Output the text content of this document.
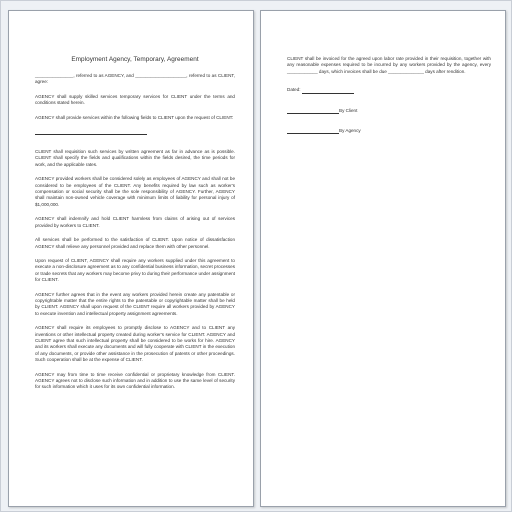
Employment Agency, Temporary, Agreement

_______________, referred to as AGENCY, and ____________________, referred to as CLIENT, agree:

AGENCY shall supply skilled services temporary services for CLIENT under the terms and conditions stated herein.

AGENCY shall provide services within the following fields to CLIENT upon the request of CLIENT:

CLIENT shall requisition such services by written agreement as far in advance as is possible. CLIENT shall specify the fields and qualifications within the fields desired, the time periods for work, and the applicable rates.

AGENCY provided workers shall be considered solely as employees of AGENCY and shall not be considered to be employees of the CLIENT. Any benefits required by law such as worker's compensation or social security shall be the sole responsibility of AGENCY. Further, AGENCY shall maintain non-owned vehicle coverage with minimum limits of liability for personal injury of $1,000,000.

AGENCY shall indemnify and hold CLIENT harmless from claims of arising out of services provided by workers to CLIENT.

All services shall be performed to the satisfaction of CLIENT. Upon notice of dissatisfaction AGENCY shall relieve any personnel provided and replace them with other personnel.

Upon request of CLIENT, AGENCY shall require any workers supplied under this agreement to execute a non-disclosure agreement as to any confidential business information, secret processes or trade secrets that any workers may become privy to during their performance under assignment for CLIENT.

AGENCY further agrees that in the event any workers provided herein create any patentable or copyrightable matter that the entire rights to the patentable or copyrightable matter shall be held by CLIENT. AGENCY shall upon request of the CLIENT require all workers provided by AGENCY to execute invention and intellectual property assignment agreements.

AGENCY shall require its employees to promptly disclose to AGENCY and to CLIENT any inventions or other intellectual property created during worker's service for CLIENT. AGENCY and CLIENT agree that such intellectual property shall be considered to be works for hire. AGENCY and its workers shall execute any documents and will fully cooperate with CLIENT in the execution of any documents, or provide other assistance in the prosecution of patents or other proceedings. Such cooperation shall be at the expense of CLIENT.

AGENCY may from time to time receive confidential or proprietary knowledge from CLIENT. AGENCY agrees not to disclose such information and in addition to use the same level of security for such information which it uses for its own confidential information.

CLIENT shall be invoiced for the agreed upon labor rate provided in their requisition, together with any reasonable expenses required to be incurred by any workers provided by the agency, every ____________ days, which invoices shall be due ______________ days after rendition.

Dated:
By Client
By Agency
